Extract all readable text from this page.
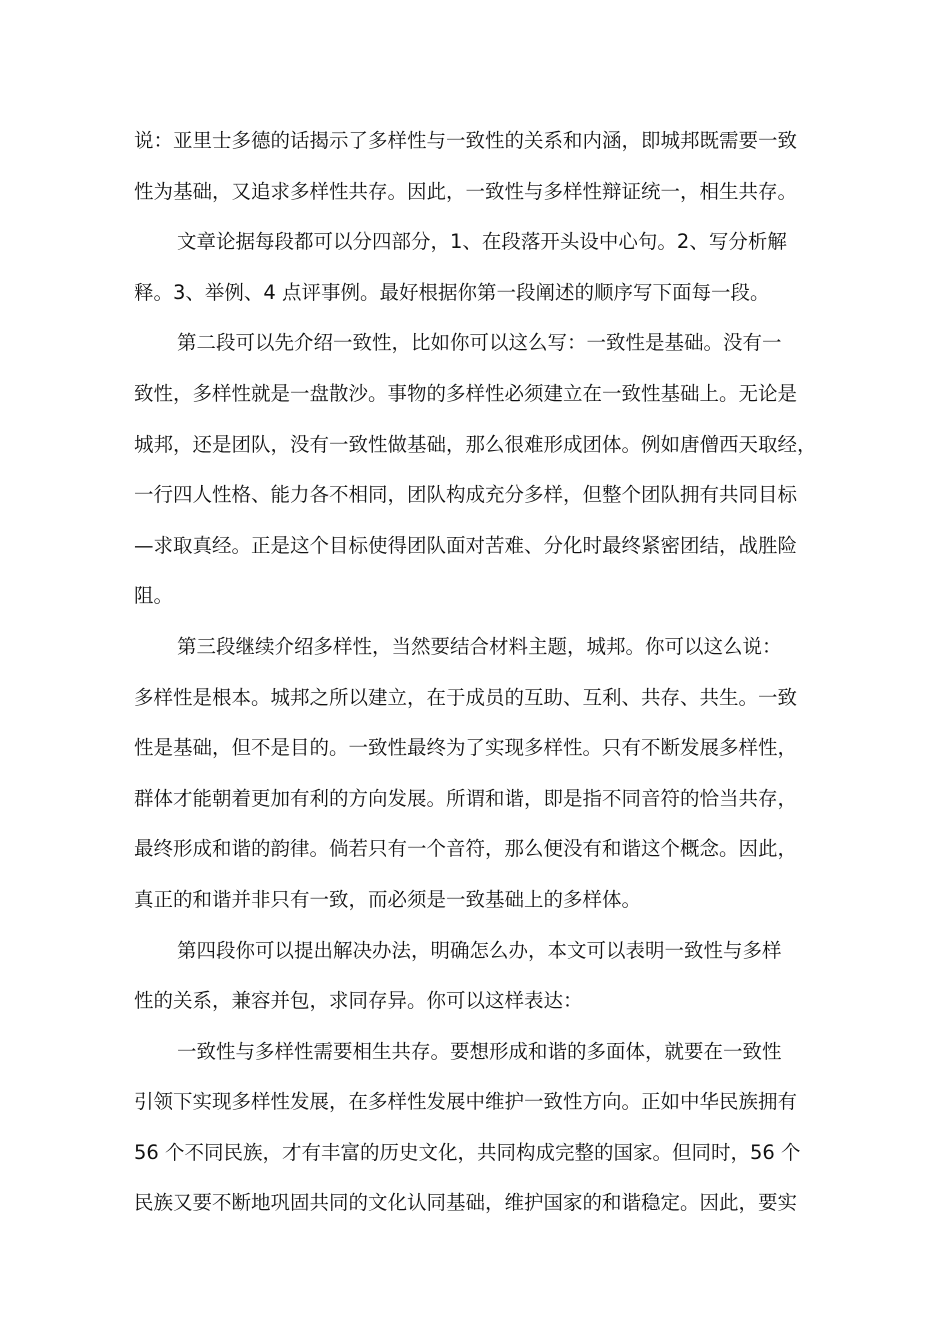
说：亚里士多德的话揭示了多样性与一致性的关系和内涵，即城邦既需要一致
性为基础，又追求多样性共存。因此，一致性与多样性辩证统一，相生共存。
文章论据每段都可以分四部分，1、在段落开头设中心句。2、写分析解
释。3、举例、4 点评事例。最好根据你第一段阐述的顺序写下面每一段。
第二段可以先介绍一致性，比如你可以这么写：一致性是基础。没有一
致性，多样性就是一盘散沙。事物的多样性必须建立在一致性基础上。无论是
城邦，还是团队，没有一致性做基础，那么很难形成团体。例如唐僧西天取经，
一行四人性格、能力各不相同，团队构成充分多样，但整个团队拥有共同目标
—求取真经。正是这个目标使得团队面对苦难、分化时最终紧密团结，战胜险
阻。
第三段继续介绍多样性，当然要结合材料主题，城邦。你可以这么说：
多样性是根本。城邦之所以建立，在于成员的互助、互利、共存、共生。一致
性是基础，但不是目的。一致性最终为了实现多样性。只有不断发展多样性，
群体才能朝着更加有利的方向发展。所谓和谐，即是指不同音符的恰当共存，
最终形成和谐的韵律。倘若只有一个音符，那么便没有和谐这个概念。因此，
真正的和谐并非只有一致，而必须是一致基础上的多样体。
第四段你可以提出解决办法，明确怎么办，本文可以表明一致性与多样
性的关系，兼容并包，求同存异。你可以这样表达：
一致性与多样性需要相生共存。要想形成和谐的多面体，就要在一致性
引领下实现多样性发展，在多样性发展中维护一致性方向。正如中华民族拥有
56 个不同民族，才有丰富的历史文化，共同构成完整的国家。但同时，56 个
民族又要不断地巩固共同的文化认同基础，维护国家的和谐稳定。因此，要实
